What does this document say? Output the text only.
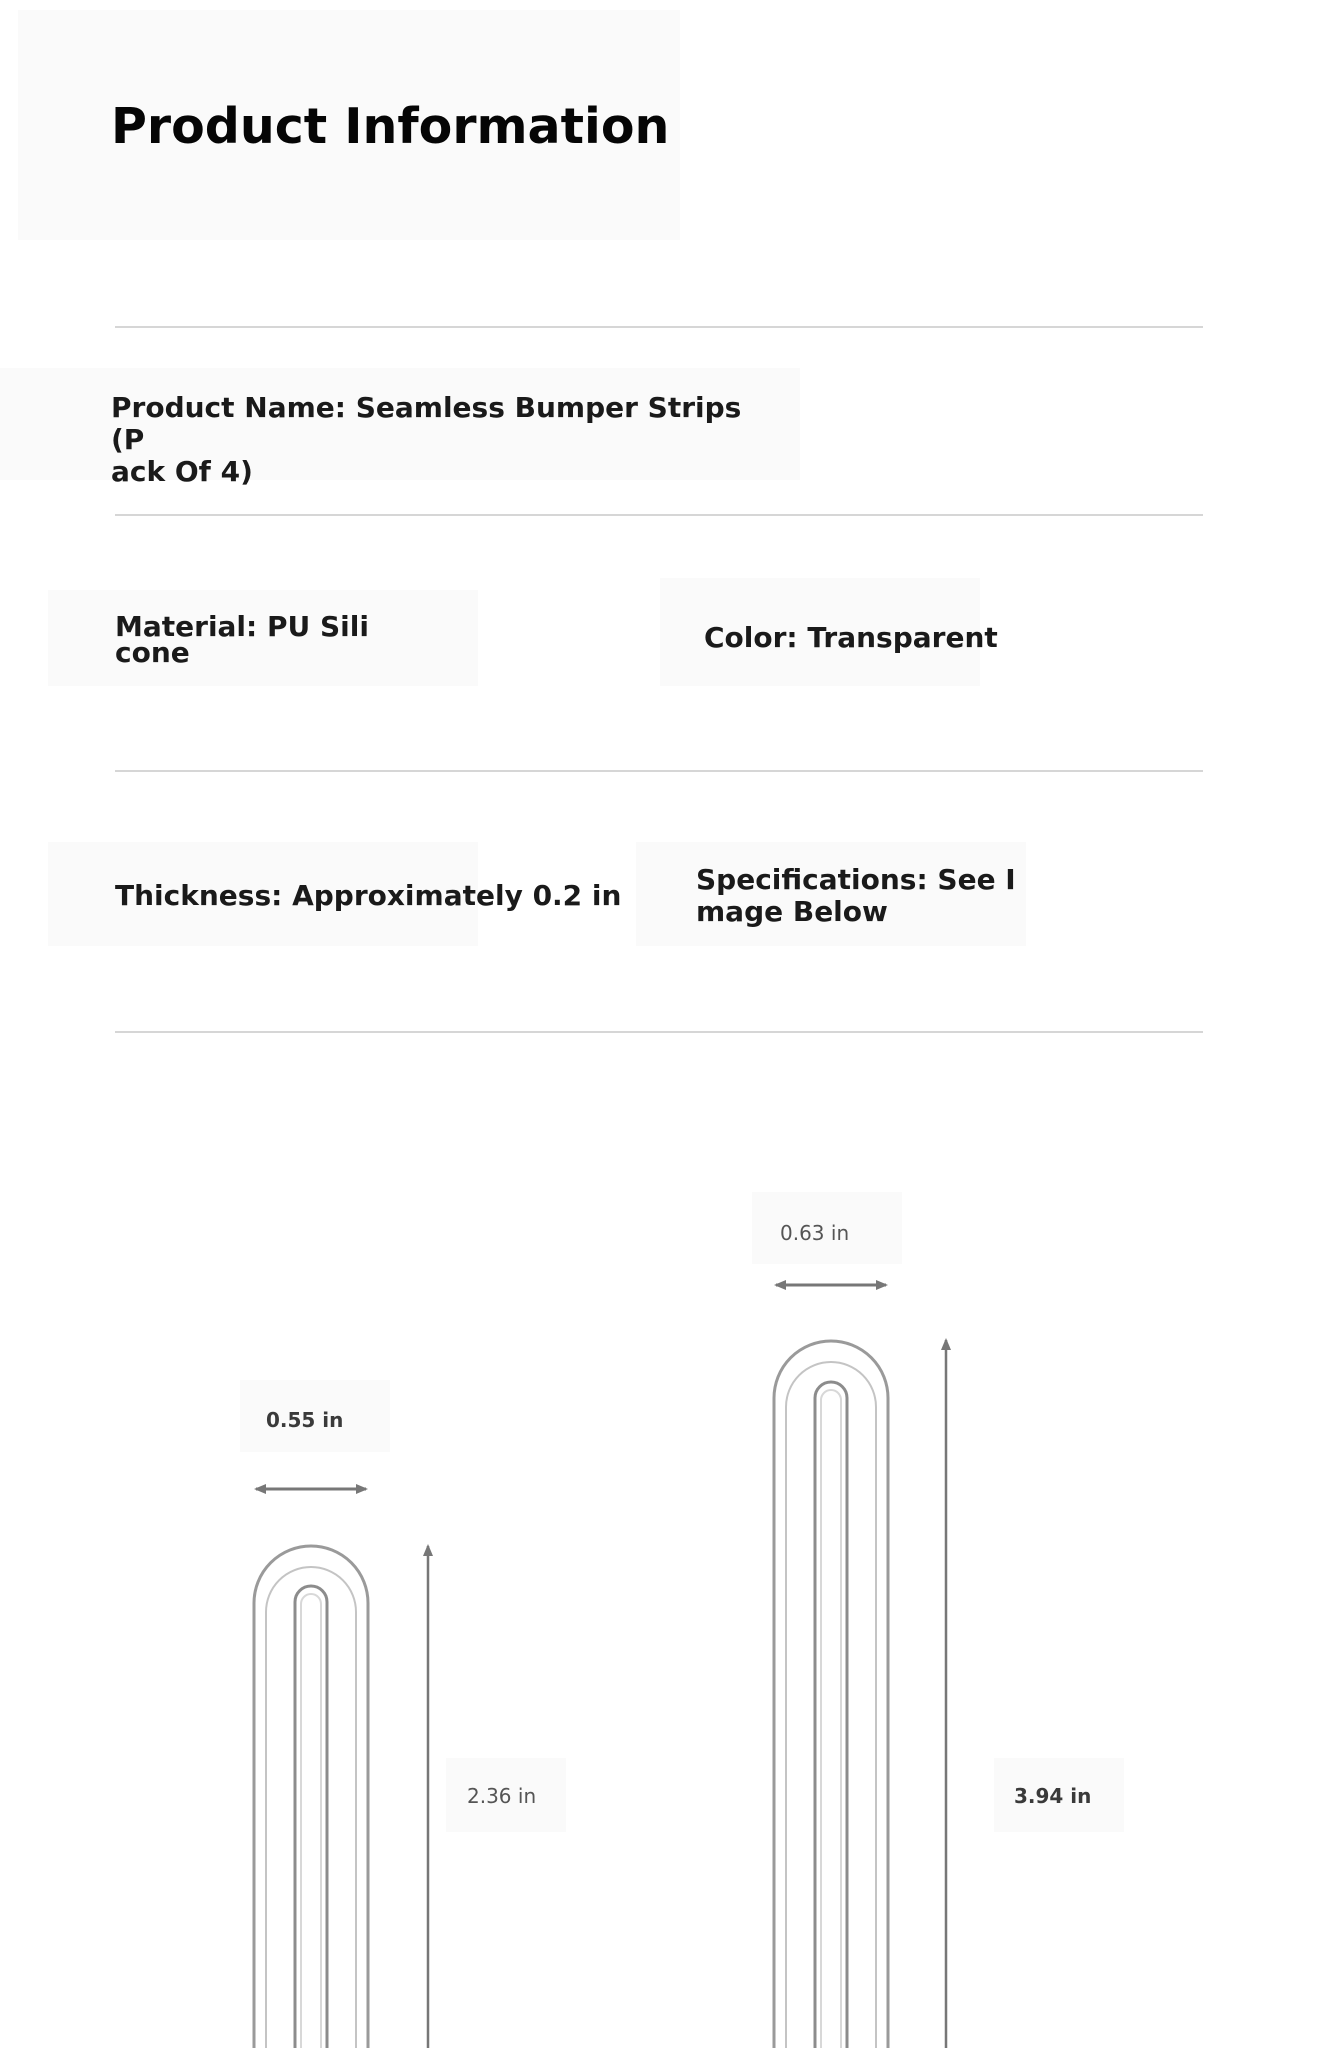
Product Information
Product Name: Seamless Bumper Strips (P
ack Of 4)
Material: PU Sili
cone	Color: Transparent
Thickness: Approximately 0.2 in	Specifications: See I
mage Below
0.63 in
0.55 in
2.36 in	3.94 in
